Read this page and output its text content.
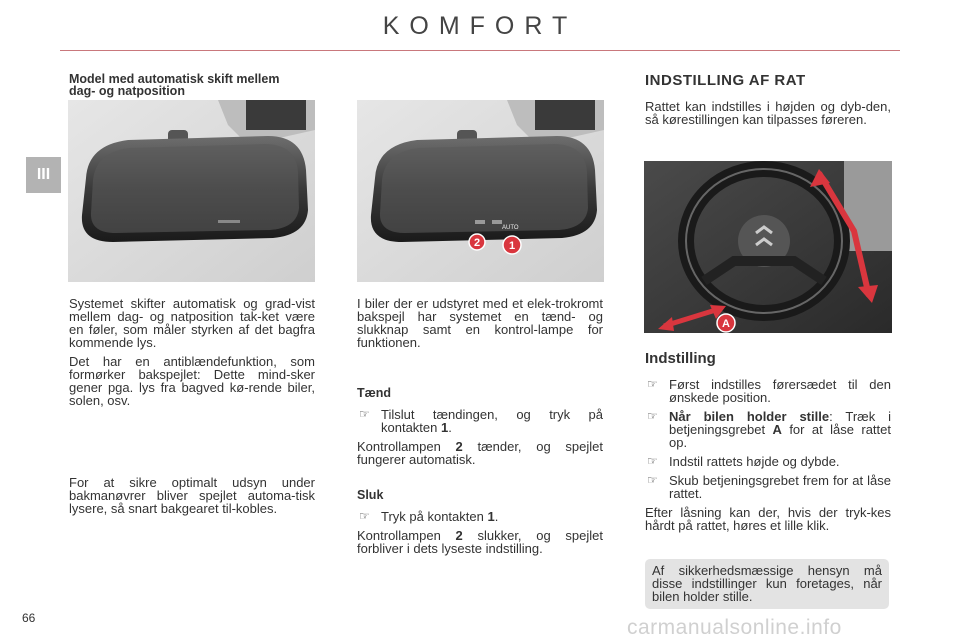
KOMFORT
III
Model med automatisk skift mellem dag- og natposition

Systemet skifter automatisk og grad-vist mellem dag- og natposition tak-ket være en føler, som måler styrken af det bagfra kommende lys.

Det har en antiblændefunktion, som formørker bakspejlet: Dette mind-sker gener pga. lys fra bagved kø-rende biler, solen, osv.

For at sikre optimalt udsyn under bakmanøvrer bliver spejlet automa-tisk lysere, så snart bakgearet til-kobles.

AUTO
2	1

I biler der er udstyret med et elek-trokromt bakspejl har systemet en tænd- og slukknap samt en kontrol-lampe for funktionen.

Tænd
☞ Tilslut tændingen, og tryk på kontakten 1.

Kontrollampen 2 tænder, og spejlet fungerer automatisk.

Sluk
☞ Tryk på kontakten 1.

Kontrollampen 2 slukker, og spejlet forbliver i dets lyseste indstilling.

INDSTILLING AF RAT

Rattet kan indstilles i højden og dyb-den, så kørestillingen kan tilpasses føreren.

A
Indstilling
☞ Først indstilles førersædet til den ønskede position.
☞ Når bilen holder stille: Træk i betjeningsgrebet A for at låse rattet op.
☞ Indstil rattets højde og dybde.
☞ Skub betjeningsgrebet frem for at låse rattet.

Efter låsning kan der, hvis der tryk-kes hårdt på rattet, høres et lille klik.

Af sikkerhedsmæssige hensyn må disse indstillinger kun foretages, når bilen holder stille.
66	carmanualsonline.info
